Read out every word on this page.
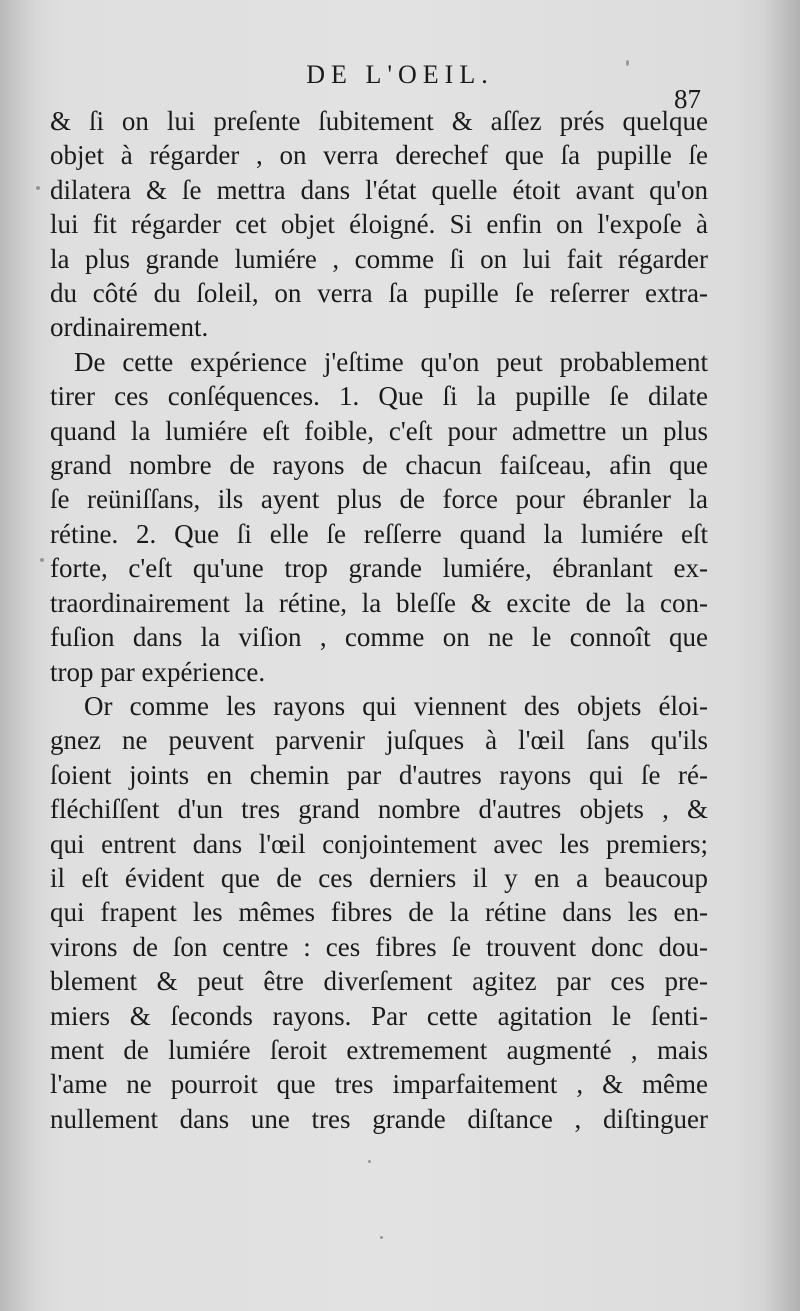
DE L'OEIL.
87
& ſi on lui preſente ſubitement & aſſez prés quelque
objet à régarder , on verra derechef que ſa pupille ſe
dilatera & ſe mettra dans l'état quelle étoit avant qu'on
lui fit régarder cet objet éloigné. Si enfin on l'expoſe à
la plus grande lumiére , comme ſi on lui fait régarder
du côté du ſoleil, on verra ſa pupille ſe reſerrer extra-
ordinairement.
De cette expérience j'eſtime qu'on peut probablement
tirer ces conſéquences. 1. Que ſi la pupille ſe dilate
quand la lumiére eſt foible, c'eſt pour admettre un plus
grand nombre de rayons de chacun faiſceau, afin que
ſe reüniſſans, ils ayent plus de force pour ébranler la
rétine. 2. Que ſi elle ſe reſſerre quand la lumiére eſt
forte, c'eſt qu'une trop grande lumiére, ébranlant ex-
traordinairement la rétine, la bleſſe & excite de la con-
fuſion dans la viſion , comme on ne le connoît que
trop par expérience.
Or comme les rayons qui viennent des objets éloi-
gnez ne peuvent parvenir juſques à l'œil ſans qu'ils
ſoient joints en chemin par d'autres rayons qui ſe ré-
fléchiſſent d'un tres grand nombre d'autres objets , &
qui entrent dans l'œil conjointement avec les premiers;
il eſt évident que de ces derniers il y en a beaucoup
qui frapent les mêmes fibres de la rétine dans les en-
virons de ſon centre : ces fibres ſe trouvent donc dou-
blement & peut être diverſement agitez par ces pre-
miers & ſeconds rayons. Par cette agitation le ſenti-
ment de lumiére ſeroit extremement augmenté , mais
l'ame ne pourroit que tres imparfaitement , & même
nullement dans une tres grande diſtance , diſtinguer
